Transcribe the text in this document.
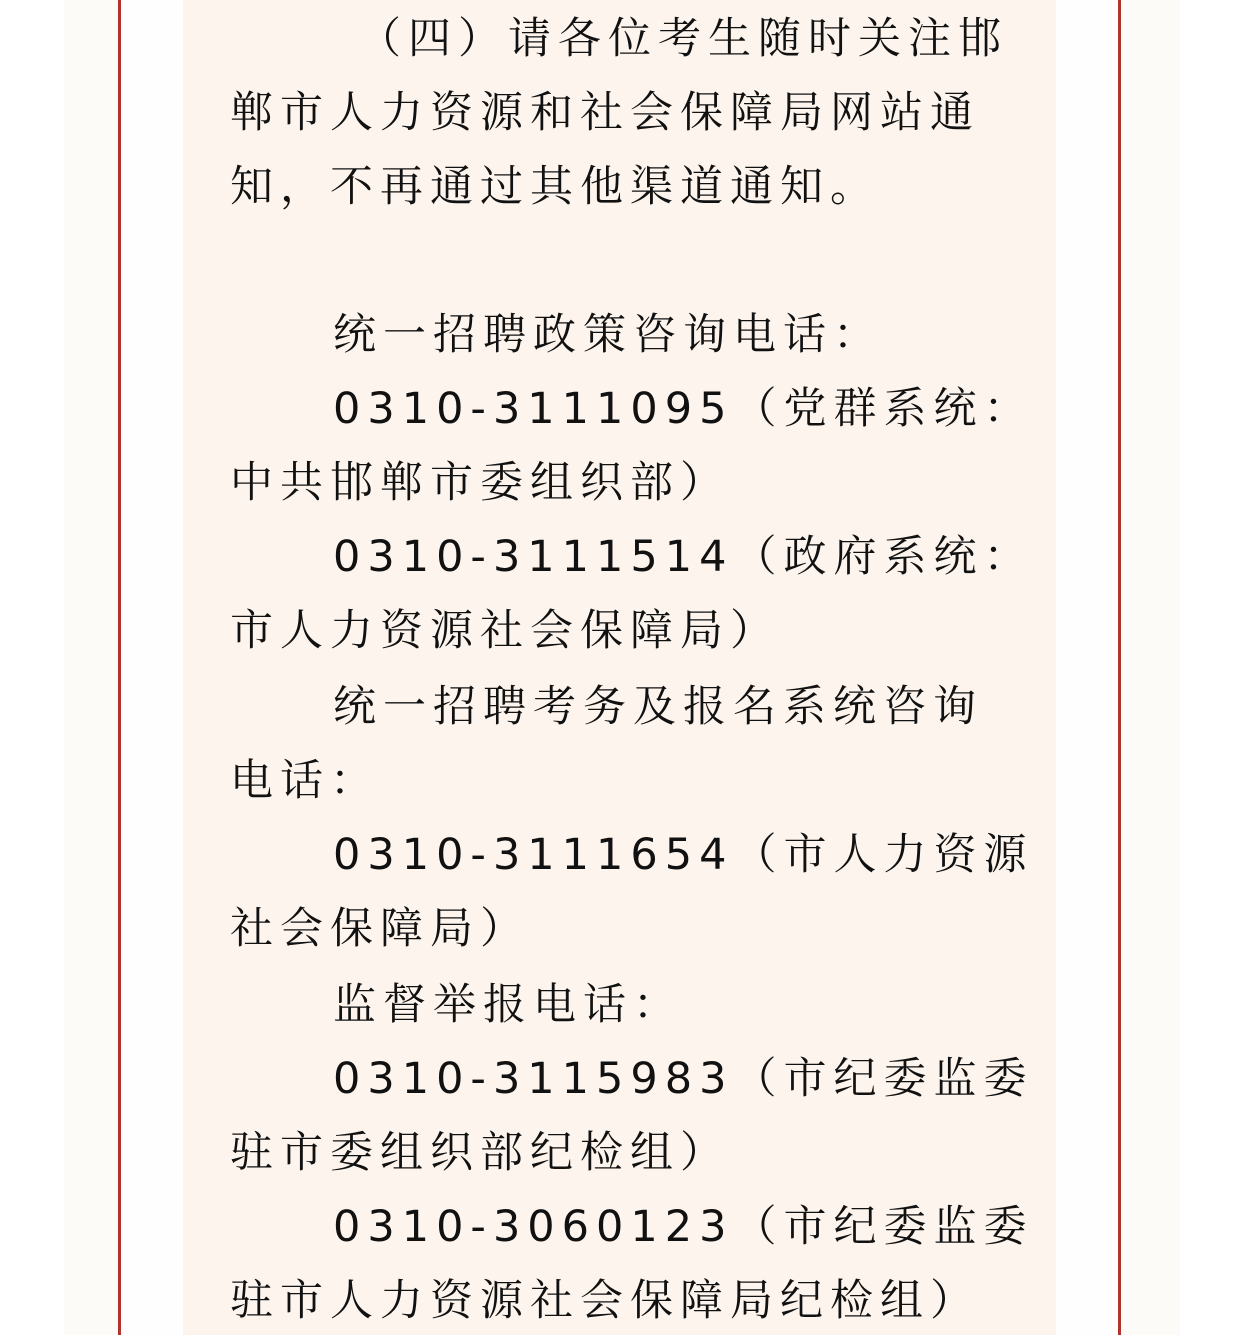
（四）请各位考生随时关注邯
郸市人力资源和社会保障局网站通
知，不再通过其他渠道通知。
统一招聘政策咨询电话：
0310-3111095（党群系统：
中共邯郸市委组织部）
0310-3111514（政府系统：
市人力资源社会保障局）
统一招聘考务及报名系统咨询
电话：
0310-3111654（市人力资源
社会保障局）
监督举报电话：
0310-3115983（市纪委监委
驻市委组织部纪检组）
0310-3060123（市纪委监委
驻市人力资源社会保障局纪检组）
